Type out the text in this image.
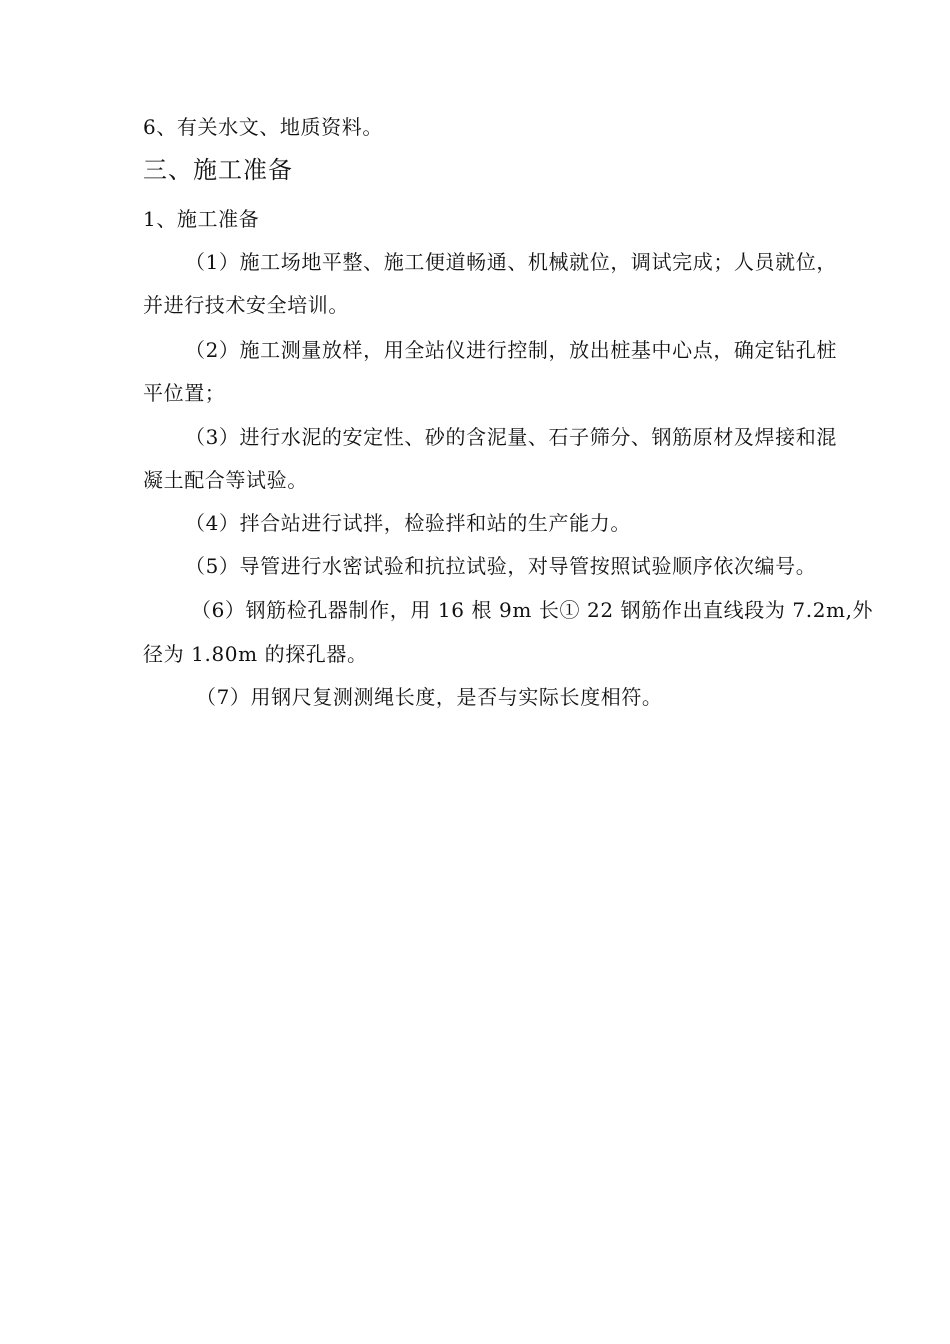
6、有关水文、地质资料。
三、施工准备
1、施工准备
（1）施工场地平整、施工便道畅通、机械就位，调试完成；人员就位，
并进行技术安全培训。
（2）施工测量放样，用全站仪进行控制，放出桩基中心点，确定钻孔桩
平位置；
（3）进行水泥的安定性、砂的含泥量、石子筛分、钢筋原材及焊接和混
凝土配合等试验。
（4）拌合站进行试拌，检验拌和站的生产能力。
（5）导管进行水密试验和抗拉试验，对导管按照试验顺序依次编号。
（6）钢筋检孔器制作，用 16 根 9m 长① 22 钢筋作出直线段为 7.2m,外
径为 1.80m 的探孔器。
（7）用钢尺复测测绳长度，是否与实际长度相符。
